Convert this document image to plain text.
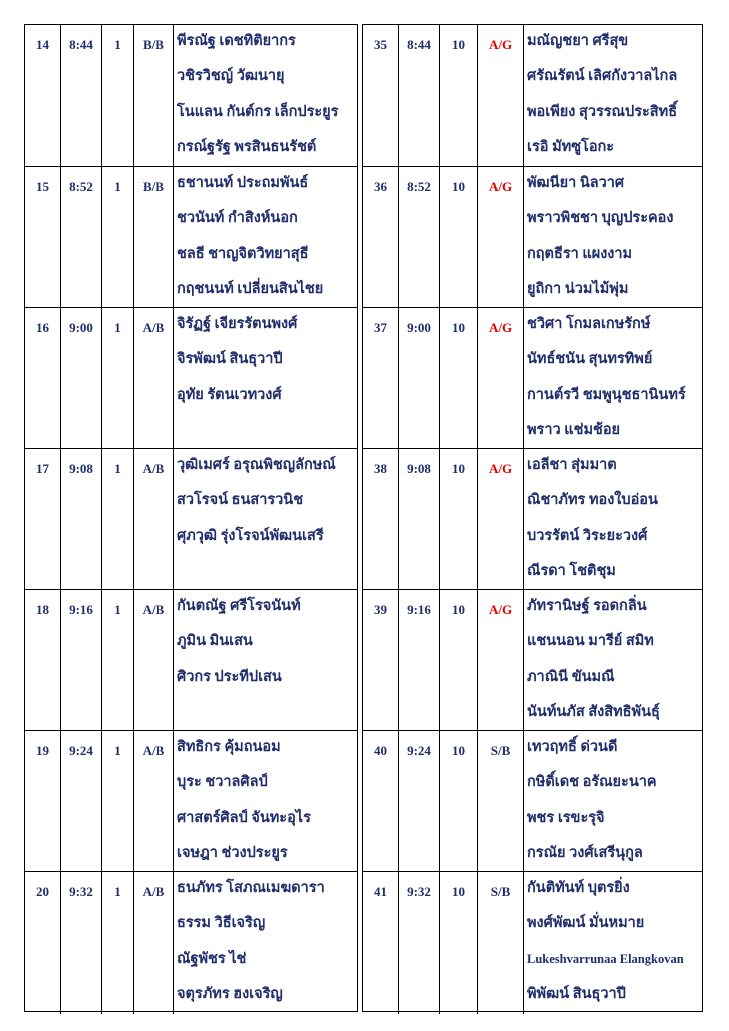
14	8:44	1	B/B พีรณัฐ เดชทิติยากร
วชิรวิชญ์ วัฒนายุ
โนแลน กันต์กร เล็กประยูร
กรณ์ฐรัฐ พรสินธนรัชต์
15	8:52	1	B/B ธชานนท์ ประถมพันธ์
ชวนันท์ กำสิงห์นอก
ชลธี ชาญจิตวิทยาสุธี
กฤชนนท์ เปลี่ยนสินไชย
16	9:00	1	A/B จิรัฏฐ์ เจียรรัตนพงศ์
จิรพัฒน์ สินธุวาปี
อุทัย รัตนเวทวงศ์
17	9:08	1	A/B วุฒิเมศร์ อรุณพิชญลักษณ์
สวโรจน์ ธนสารวนิช
ศุภวุฒิ รุ่งโรจน์พัฒนเสรี
18	9:16	1	A/B กันตณัฐ ศรีโรจนันท์
ภูมิน มินเสน
ศิวกร ประทีปเสน
19	9:24	1	A/B สิทธิกร คุ้มถนอม
บุระ ชวาลศิลป์
ศาสตร์ศิลป์ จันทะอุไร
เจษฎา ช่วงประยูร
20	9:32	1	A/B ธนภัทร โสภณเมฆดารา
ธรรม วิธีเจริญ
ณัฐพัชร ไช่
จตุรภัทร ฮงเจริญ
35	8:44	10	A/G	มณัญชยา ศรีสุข
ศรัณรัตน์ เลิศกังวาลไกล
พอเพียง สุวรรณประสิทธิ์
เรอิ มัทซูโอกะ
36	8:52	10	A/G	พัฒนียา นิลวาศ
พราวพิชชา บุญประคอง
กฤตธีรา แผงงาม
ยูถิกา น่วมไม้พุ่ม
37	9:00	10	A/G	ชวิศา โกมลเกษรักษ์
นัทธ์ชนัน สุนทรทิพย์
กานต์รวี ชมพูนุชธานินทร์
พราว แช่มช้อย
38	9:08	10	A/G	เอลีชา สุ่มมาต
ณิชาภัทร ทองใบอ่อน
บวรรัตน์ วิระยะวงศ์
ณีรดา โชติชุม
39	9:16	10	A/G	ภัทรานิษฐ์ รอดกลิ่น
แชนนอน มารีย์ สมิท
ภาณินี ขันมณี
นันท์นภัส สังสิทธิพันธุ์
40	9:24	10	S/B	เทวฤทธิ์ ด่วนดี
กษิดิ์เดช อรัณยะนาค
พชร เรขะรุจิ
กรณัย วงศ์เสรีนุกูล
41	9:32	10	S/B	กันติทันท์ บุตรยิ่ง
พงศ์พัฒน์ มั่นหมาย
Lukeshvarrunaa Elangkovan
พิพัฒน์ สินธุวาปี
